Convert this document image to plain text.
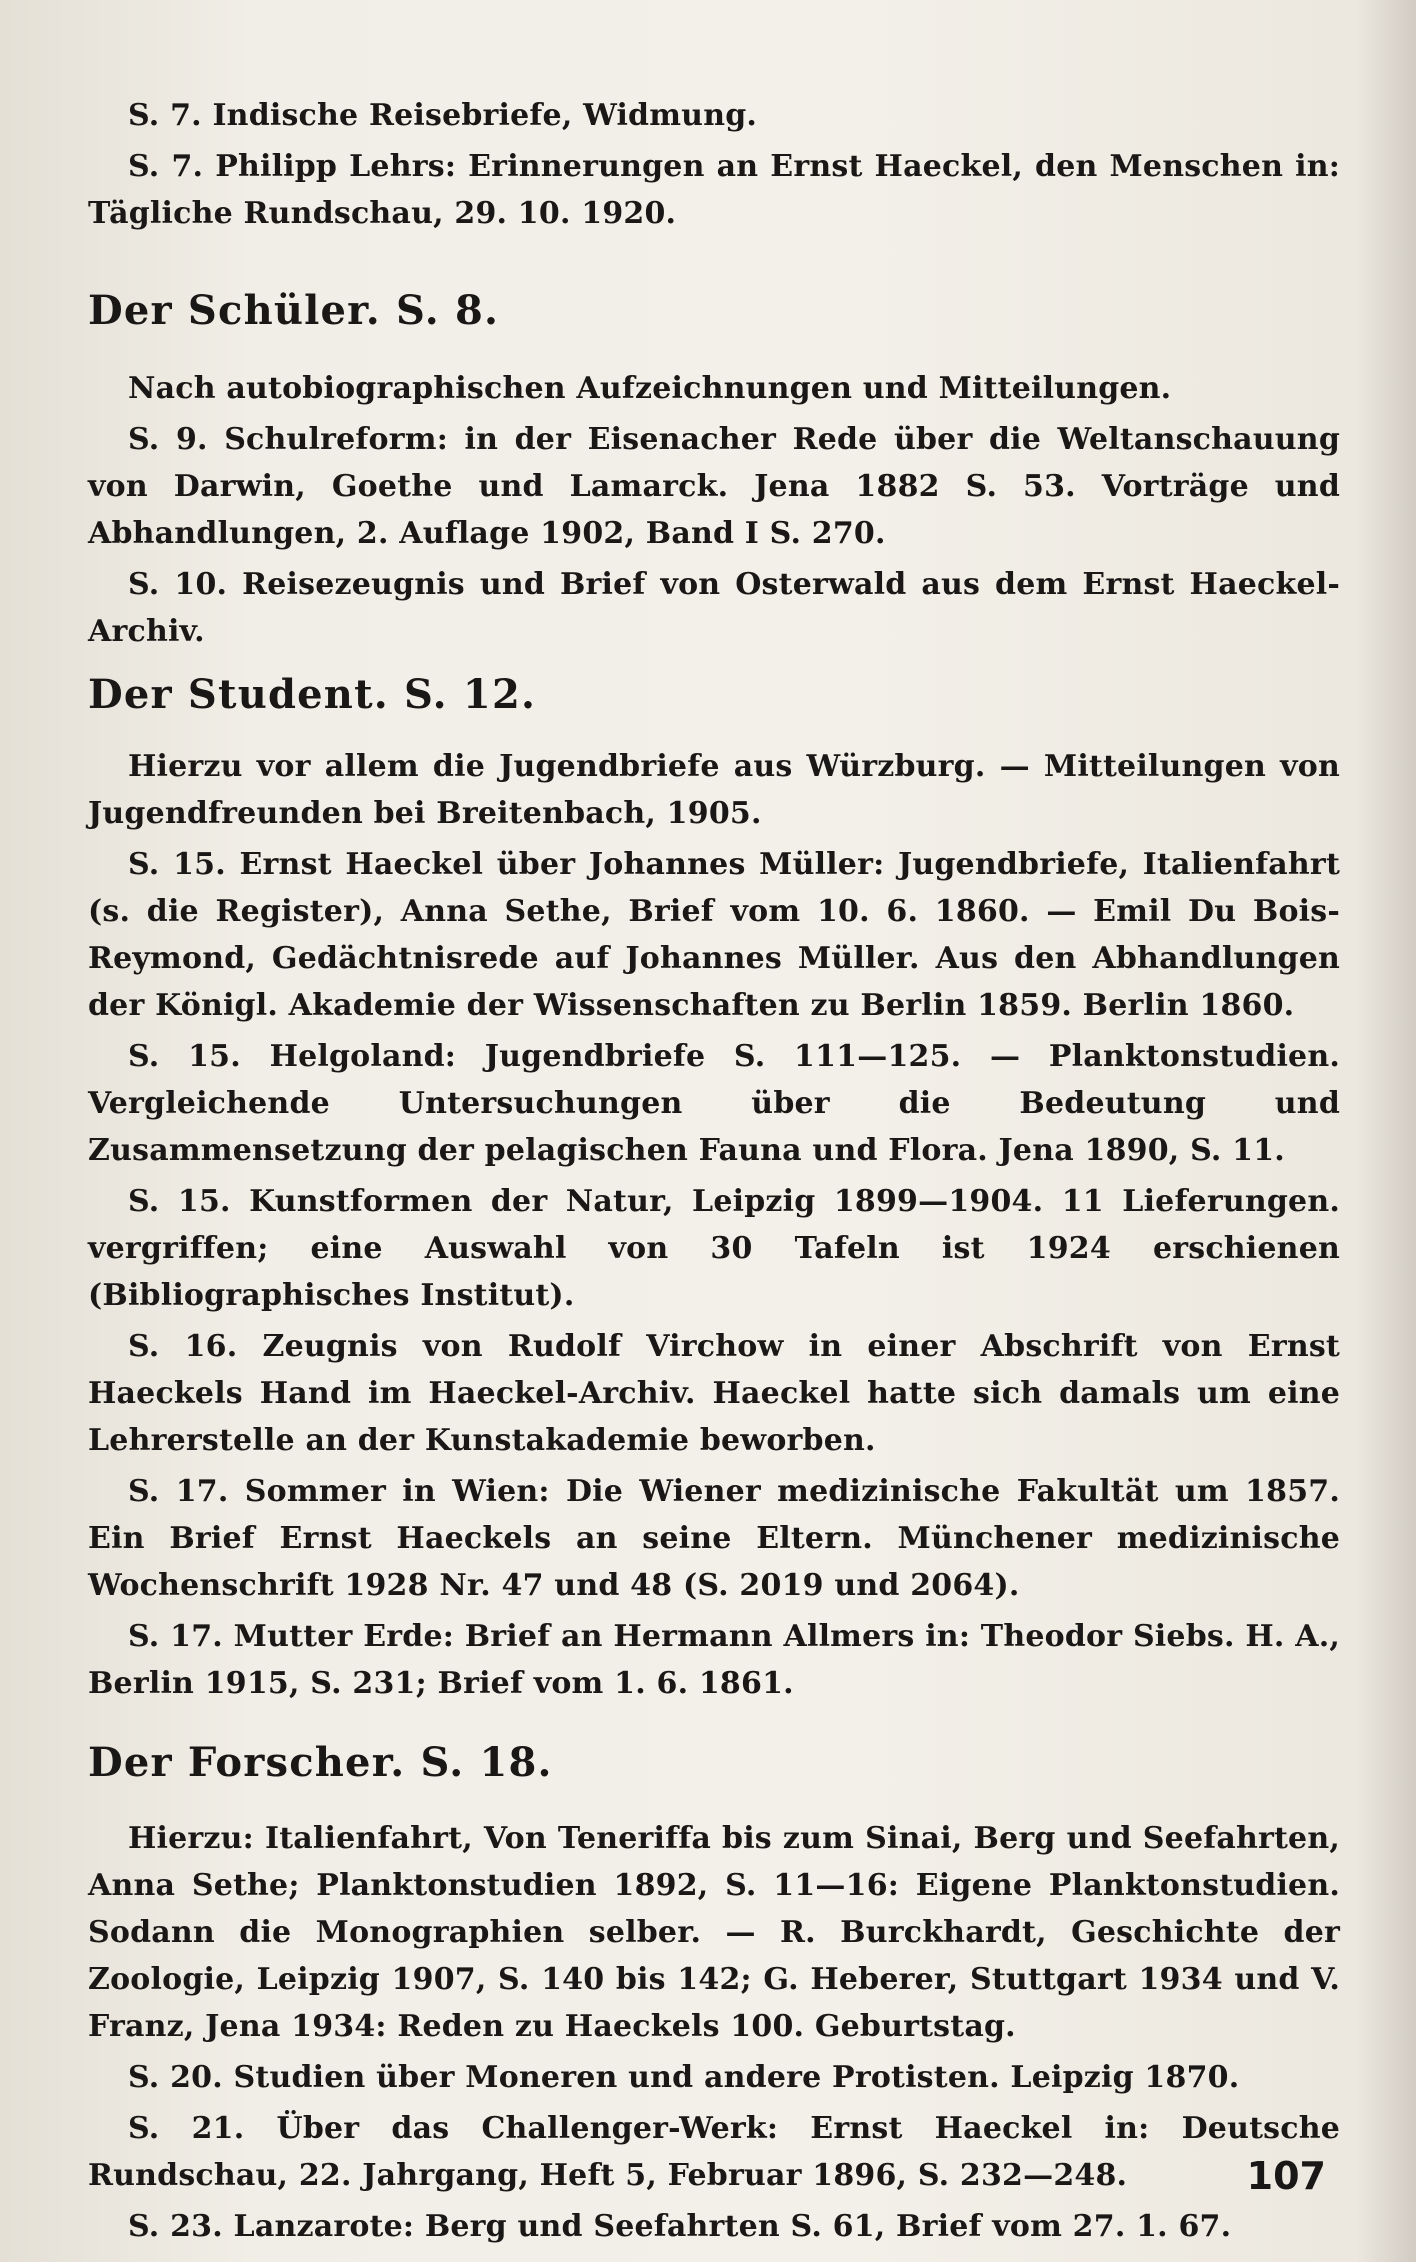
S. 7. Indische Reisebriefe, Widmung.

S. 7. Philipp Lehrs: Erinnerungen an Ernst Haeckel, den Menschen in: Tägliche Rundschau, 29. 10. 1920.

Der Schüler. S. 8.

Nach autobiographischen Aufzeichnungen und Mitteilungen.

S. 9. Schulreform: in der Eisenacher Rede über die Weltanschauung von Darwin, Goethe und Lamarck. Jena 1882 S. 53. Vorträge und Abhandlungen, 2. Auflage 1902, Band I S. 270.

S. 10. Reisezeugnis und Brief von Osterwald aus dem Ernst Haeckel-Archiv.

Der Student. S. 12.

Hierzu vor allem die Jugendbriefe aus Würzburg. — Mitteilungen von Jugendfreunden bei Breitenbach, 1905.

S. 15. Ernst Haeckel über Johannes Müller: Jugendbriefe, Italienfahrt (s. die Register), Anna Sethe, Brief vom 10. 6. 1860. — Emil Du Bois-Reymond, Gedächtnisrede auf Johannes Müller. Aus den Abhandlungen der Königl. Akademie der Wissenschaften zu Berlin 1859. Berlin 1860.

S. 15. Helgoland: Jugendbriefe S. 111—125. — Planktonstudien. Vergleichende Untersuchungen über die Bedeutung und Zusammensetzung der pelagischen Fauna und Flora. Jena 1890, S. 11.

S. 15. Kunstformen der Natur, Leipzig 1899—1904. 11 Lieferungen. vergriffen; eine Auswahl von 30 Tafeln ist 1924 erschienen (Bibliographisches Institut).

S. 16. Zeugnis von Rudolf Virchow in einer Abschrift von Ernst Haeckels Hand im Haeckel-Archiv. Haeckel hatte sich damals um eine Lehrerstelle an der Kunstakademie beworben.

S. 17. Sommer in Wien: Die Wiener medizinische Fakultät um 1857. Ein Brief Ernst Haeckels an seine Eltern. Münchener medizinische Wochenschrift 1928 Nr. 47 und 48 (S. 2019 und 2064).

S. 17. Mutter Erde: Brief an Hermann Allmers in: Theodor Siebs. H. A., Berlin 1915, S. 231; Brief vom 1. 6. 1861.

Der Forscher. S. 18.

Hierzu: Italienfahrt, Von Teneriffa bis zum Sinai, Berg und Seefahrten, Anna Sethe; Planktonstudien 1892, S. 11—16: Eigene Planktonstudien. Sodann die Monographien selber. — R. Burckhardt, Geschichte der Zoologie, Leipzig 1907, S. 140 bis 142; G. Heberer, Stuttgart 1934 und V. Franz, Jena 1934: Reden zu Haeckels 100. Geburtstag.

S. 20. Studien über Moneren und andere Protisten. Leipzig 1870.

S. 21. Über das Challenger-Werk: Ernst Haeckel in: Deutsche Rundschau, 22. Jahrgang, Heft 5, Februar 1896, S. 232—248.

S. 23. Lanzarote: Berg und Seefahrten S. 61, Brief vom 27. 1. 67.

107
